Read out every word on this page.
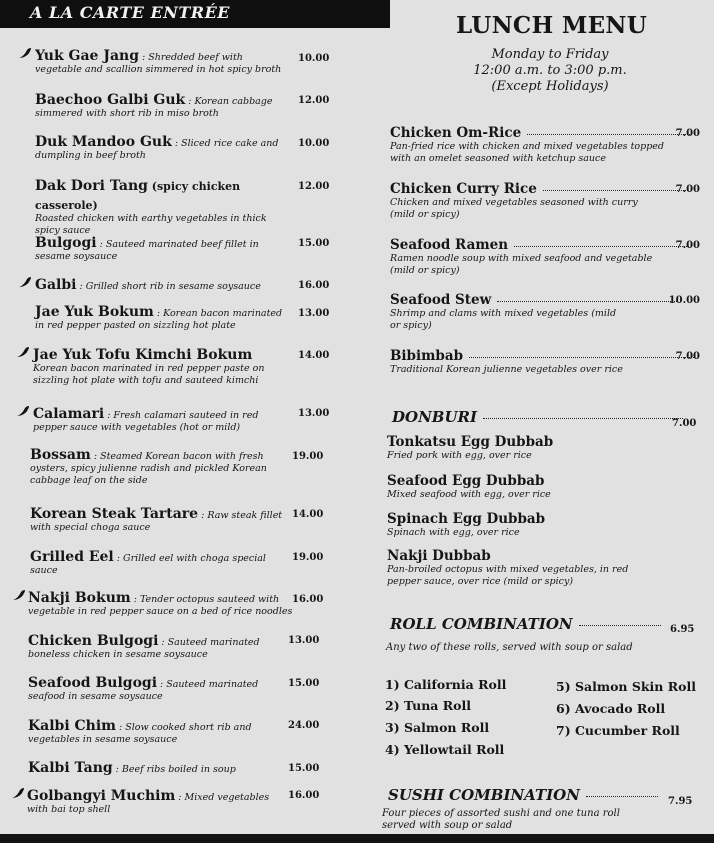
A LA CARTE ENTRÉE
Yuk Gae Jang : Shredded beef with
vegetable and scallion simmered in hot spicy broth
10.00
Baechoo Galbi Guk : Korean cabbage
simmered with short rib in miso broth
12.00
Duk Mandoo Guk : Sliced rice cake and
dumpling in beef broth
10.00
Dak Dori Tang (spicy chicken casserole)
Roasted chicken with earthy vegetables in thick spicy sauce
12.00
Bulgogi : Sauteed marinated beef fillet in
sesame soysauce
15.00
Galbi : Grilled short rib in sesame soysauce	16.00
Jae Yuk Bokum : Korean bacon marinated
in red pepper pasted on sizzling hot plate
13.00
Jae Yuk Tofu Kimchi Bokum
Korean bacon marinated in red pepper paste on sizzling hot plate with tofu and sauteed kimchi
14.00
Calamari : Fresh calamari sauteed in red
pepper sauce with vegetables (hot or mild)
13.00
Bossam : Steamed Korean bacon with fresh
oysters, spicy julienne radish and pickled Korean cabbage leaf on the side
19.00
Korean Steak Tartare : Raw steak fillet
with special choga sauce
14.00
Grilled Eel : Grilled eel with choga special
sauce
19.00
Nakji Bokum : Tender octopus sauteed with
vegetable in red pepper sauce on a bed of rice noodles
16.00
Chicken Bulgogi : Sauteed marinated
boneless chicken in sesame soysauce
13.00
Seafood Bulgogi : Sauteed marinated
seafood in sesame soysauce
15.00
Kalbi Chim : Slow cooked short rib and
vegetables in sesame soysauce
24.00
Kalbi Tang : Beef ribs boiled in soup	15.00
Golbangyi Muchim : Mixed vegetables
with bai top shell
16.00
LUNCH MENU
Monday to Friday
12:00 a.m. to 3:00 p.m.
(Except Holidays)
Chicken Om-Rice
Pan-fried rice with chicken and mixed vegetables topped with an omelet seasoned with ketchup sauce
7.00
Chicken Curry Rice
Chicken and mixed vegetables seasoned with curry (mild or spicy)
7.00
Seafood Ramen
Ramen noodle soup with mixed seafood and vegetable (mild or spicy)
7.00
Seafood Stew
Shrimp and clams with mixed vegetables (mild or spicy)
10.00
Bibimbab
Traditional Korean julienne vegetables over rice
7.00
DONBURI	7.00
Tonkatsu Egg Dubbab
Fried pork with egg, over rice
Seafood Egg Dubbab
Mixed seafood with egg, over rice
Spinach Egg Dubbab
Spinach with egg, over rice
Nakji Dubbab
Pan-broiled octopus with mixed vegetables, in red pepper sauce, over rice (mild or spicy)
ROLL COMBINATION	6.95
Any two of these rolls, served with soup or salad
1) California Roll
2) Tuna Roll
3) Salmon Roll
4) Yellowtail Roll
5) Salmon Skin Roll
6) Avocado Roll
7) Cucumber Roll
SUSHI COMBINATION	7.95
Four pieces of assorted sushi and one tuna roll served with soup or salad
